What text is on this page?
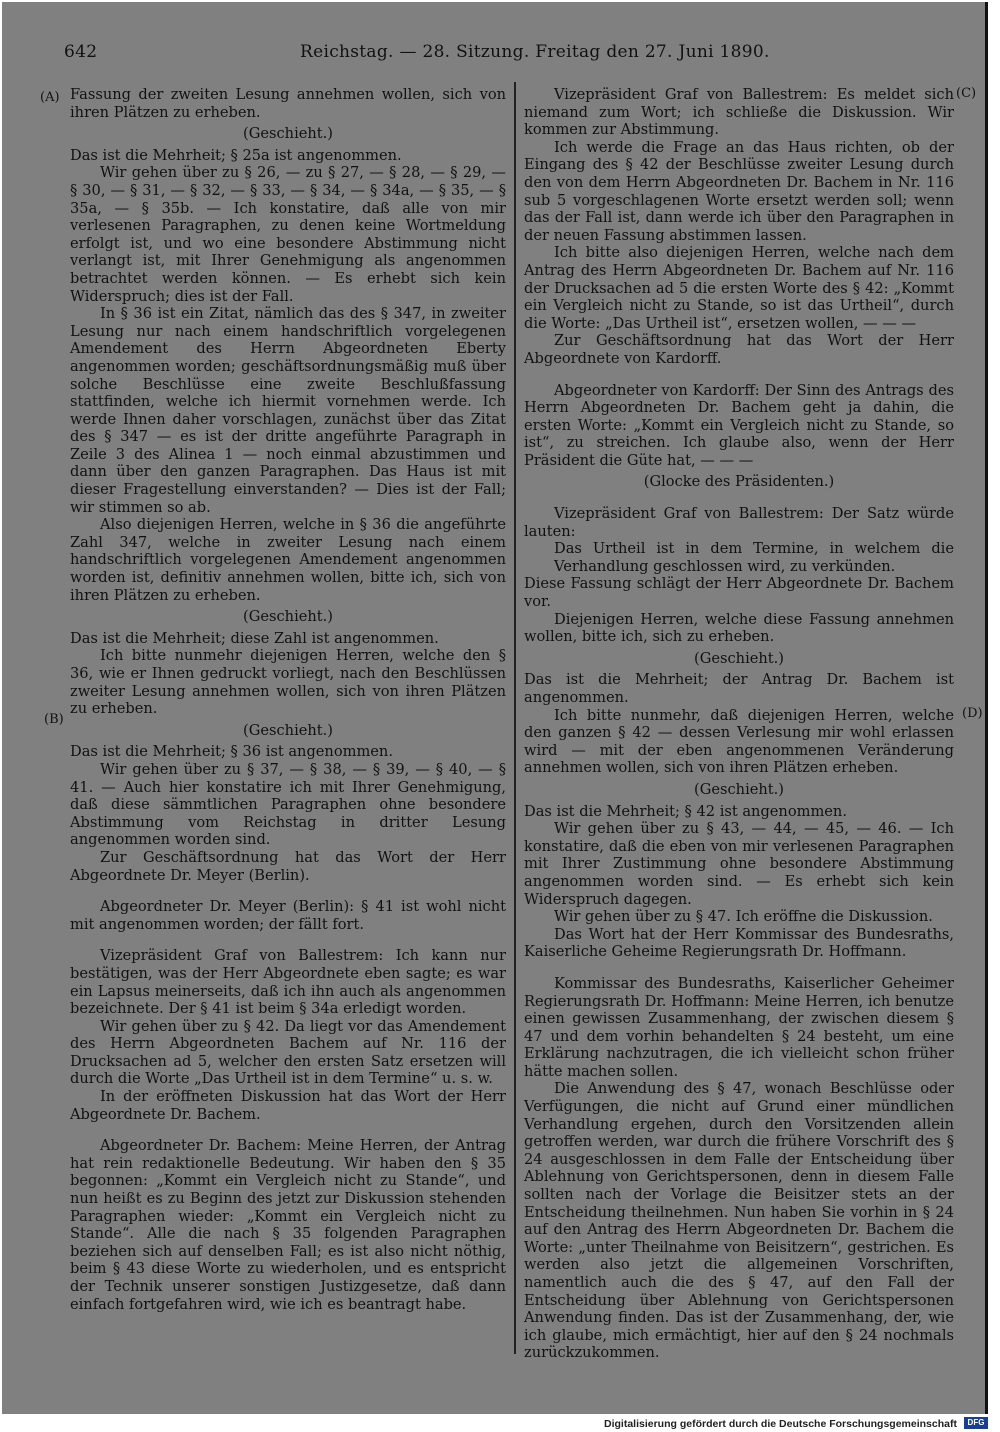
642	Reichstag. — 28. Sitzung. Freitag den 27. Juni 1890.
(A)
(B)
(C)
(D)

Fassung der zweiten Lesung annehmen wollen, sich von ihren Plätzen zu erheben.

(Geschieht.)

Das ist die Mehrheit; § 25a ist angenommen.

Wir gehen über zu § 26, — zu § 27, — § 28, — § 29, — § 30, — § 31, — § 32, — § 33, — § 34, — § 34a, — § 35, — § 35a, — § 35b. — Ich konstatire, daß alle von mir verlesenen Paragraphen, zu denen keine Wortmeldung erfolgt ist, und wo eine besondere Abstimmung nicht verlangt ist, mit Ihrer Genehmigung als angenommen betrachtet werden können. — Es erhebt sich kein Widerspruch; dies ist der Fall.

In § 36 ist ein Zitat, nämlich das des § 347, in zweiter Lesung nur nach einem handschriftlich vorgelegenen Amendement des Herrn Abgeordneten Eberty angenommen worden; geschäftsordnungsmäßig muß über solche Beschlüsse eine zweite Beschlußfassung stattfinden, welche ich hiermit vornehmen werde. Ich werde Ihnen daher vorschlagen, zunächst über das Zitat des § 347 — es ist der dritte angeführte Paragraph in Zeile 3 des Alinea 1 — noch einmal abzustimmen und dann über den ganzen Paragraphen. Das Haus ist mit dieser Fragestellung einverstanden? — Dies ist der Fall; wir stimmen so ab.

Also diejenigen Herren, welche in § 36 die angeführte Zahl 347, welche in zweiter Lesung nach einem handschriftlich vorgelegenen Amendement angenommen worden ist, definitiv annehmen wollen, bitte ich, sich von ihren Plätzen zu erheben.

(Geschieht.)

Das ist die Mehrheit; diese Zahl ist angenommen.

Ich bitte nunmehr diejenigen Herren, welche den § 36, wie er Ihnen gedruckt vorliegt, nach den Beschlüssen zweiter Lesung annehmen wollen, sich von ihren Plätzen zu erheben.

(Geschieht.)

Das ist die Mehrheit; § 36 ist angenommen.

Wir gehen über zu § 37, — § 38, — § 39, — § 40, — § 41. — Auch hier konstatire ich mit Ihrer Genehmigung, daß diese sämmtlichen Paragraphen ohne besondere Abstimmung vom Reichstag in dritter Lesung angenommen worden sind.

Zur Geschäftsordnung hat das Wort der Herr Abgeordnete Dr. Meyer (Berlin).

Abgeordneter Dr. Meyer (Berlin): § 41 ist wohl nicht mit angenommen worden; der fällt fort.

Vizepräsident Graf von Ballestrem: Ich kann nur bestätigen, was der Herr Abgeordnete eben sagte; es war ein Lapsus meinerseits, daß ich ihn auch als angenommen bezeichnete. Der § 41 ist beim § 34a erledigt worden.

Wir gehen über zu § 42. Da liegt vor das Amendement des Herrn Abgeordneten Bachem auf Nr. 116 der Drucksachen ad 5, welcher den ersten Satz ersetzen will durch die Worte „Das Urtheil ist in dem Termine“ u. s. w.

In der eröffneten Diskussion hat das Wort der Herr Abgeordnete Dr. Bachem.

Abgeordneter Dr. Bachem: Meine Herren, der Antrag hat rein redaktionelle Bedeutung. Wir haben den § 35 begonnen: „Kommt ein Vergleich nicht zu Stande“, und nun heißt es zu Beginn des jetzt zur Diskussion stehenden Paragraphen wieder: „Kommt ein Vergleich nicht zu Stande“. Alle die nach § 35 folgenden Paragraphen beziehen sich auf denselben Fall; es ist also nicht nöthig, beim § 43 diese Worte zu wiederholen, und es entspricht der Technik unserer sonstigen Justizgesetze, daß dann einfach fortgefahren wird, wie ich es beantragt habe.

Vizepräsident Graf von Ballestrem: Es meldet sich niemand zum Wort; ich schließe die Diskussion. Wir kommen zur Abstimmung.

Ich werde die Frage an das Haus richten, ob der Eingang des § 42 der Beschlüsse zweiter Lesung durch den von dem Herrn Abgeordneten Dr. Bachem in Nr. 116 sub 5 vorgeschlagenen Worte ersetzt werden soll; wenn das der Fall ist, dann werde ich über den Paragraphen in der neuen Fassung abstimmen lassen.

Ich bitte also diejenigen Herren, welche nach dem Antrag des Herrn Abgeordneten Dr. Bachem auf Nr. 116 der Drucksachen ad 5 die ersten Worte des § 42: „Kommt ein Vergleich nicht zu Stande, so ist das Urtheil“, durch die Worte: „Das Urtheil ist“, ersetzen wollen, — — —

Zur Geschäftsordnung hat das Wort der Herr Abgeordnete von Kardorff.

Abgeordneter von Kardorff: Der Sinn des Antrags des Herrn Abgeordneten Dr. Bachem geht ja dahin, die ersten Worte: „Kommt ein Vergleich nicht zu Stande, so ist“, zu streichen. Ich glaube also, wenn der Herr Präsident die Güte hat, — — —

(Glocke des Präsidenten.)

Vizepräsident Graf von Ballestrem: Der Satz würde lauten:

Das Urtheil ist in dem Termine, in welchem die Verhandlung geschlossen wird, zu verkünden.

Diese Fassung schlägt der Herr Abgeordnete Dr. Bachem vor.

Diejenigen Herren, welche diese Fassung annehmen wollen, bitte ich, sich zu erheben.

(Geschieht.)

Das ist die Mehrheit; der Antrag Dr. Bachem ist angenommen.

Ich bitte nunmehr, daß diejenigen Herren, welche den ganzen § 42 — dessen Verlesung mir wohl erlassen wird — mit der eben angenommenen Veränderung annehmen wollen, sich von ihren Plätzen erheben.

(Geschieht.)

Das ist die Mehrheit; § 42 ist angenommen.

Wir gehen über zu § 43, — 44, — 45, — 46. — Ich konstatire, daß die eben von mir verlesenen Paragraphen mit Ihrer Zustimmung ohne besondere Abstimmung angenommen worden sind. — Es erhebt sich kein Widerspruch dagegen.

Wir gehen über zu § 47. Ich eröffne die Diskussion.

Das Wort hat der Herr Kommissar des Bundesraths, Kaiserliche Geheime Regierungsrath Dr. Hoffmann.

Kommissar des Bundesraths, Kaiserlicher Geheimer Regierungsrath Dr. Hoffmann: Meine Herren, ich benutze einen gewissen Zusammenhang, der zwischen diesem § 47 und dem vorhin behandelten § 24 besteht, um eine Erklärung nachzutragen, die ich vielleicht schon früher hätte machen sollen.

Die Anwendung des § 47, wonach Beschlüsse oder Verfügungen, die nicht auf Grund einer mündlichen Verhandlung ergehen, durch den Vorsitzenden allein getroffen werden, war durch die frühere Vorschrift des § 24 ausgeschlossen in dem Falle der Entscheidung über Ablehnung von Gerichtspersonen, denn in diesem Falle sollten nach der Vorlage die Beisitzer stets an der Entscheidung theilnehmen. Nun haben Sie vorhin in § 24 auf den Antrag des Herrn Abgeordneten Dr. Bachem die Worte: „unter Theilnahme von Beisitzern“, gestrichen. Es werden also jetzt die allgemeinen Vorschriften, namentlich auch die des § 47, auf den Fall der Entscheidung über Ablehnung von Gerichtspersonen Anwendung finden. Das ist der Zusammenhang, der, wie ich glaube, mich ermächtigt, hier auf den § 24 nochmals zurückzukommen.

Digitalisierung gefördert durch die Deutsche Forschungsgemeinschaft	DFG
